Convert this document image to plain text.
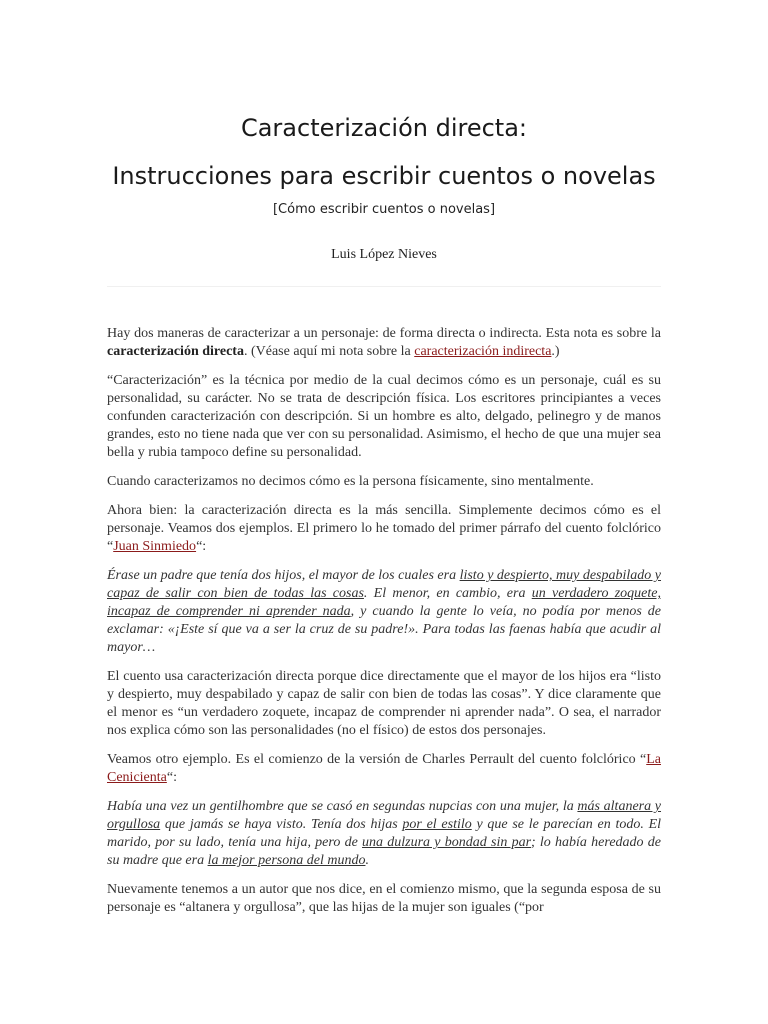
Caracterización directa:
Instrucciones para escribir cuentos o novelas
[Cómo escribir cuentos o novelas]
Luis López Nieves

Hay dos maneras de caracterizar a un personaje: de forma directa o indirecta. Esta nota es sobre la caracterización directa. (Véase aquí mi nota sobre la caracterización indirecta.)

“Caracterización” es la técnica por medio de la cual decimos cómo es un personaje, cuál es su personalidad, su carácter. No se trata de descripción física. Los escritores principiantes a veces confunden caracterización con descripción. Si un hombre es alto, delgado, pelinegro y de manos grandes, esto no tiene nada que ver con su personalidad. Asimismo, el hecho de que una mujer sea bella y rubia tampoco define su personalidad.

Cuando caracterizamos no decimos cómo es la persona físicamente, sino mentalmente.

Ahora bien: la caracterización directa es la más sencilla. Simplemente decimos cómo es el personaje. Veamos dos ejemplos. El primero lo he tomado del primer párrafo del cuento folclórico “Juan Sinmiedo“:

Érase un padre que tenía dos hijos, el mayor de los cuales era listo y despierto, muy despabilado y capaz de salir con bien de todas las cosas. El menor, en cambio, era un verdadero zoquete, incapaz de comprender ni aprender nada, y cuando la gente lo veía, no podía por menos de exclamar: «¡Este sí que va a ser la cruz de su padre!». Para todas las faenas había que acudir al mayor…

El cuento usa caracterización directa porque dice directamente que el mayor de los hijos era “listo y despierto, muy despabilado y capaz de salir con bien de todas las cosas”. Y dice claramente que el menor es “un verdadero zoquete, incapaz de comprender ni aprender nada”. O sea, el narrador nos explica cómo son las personalidades (no el físico) de estos dos personajes.

Veamos otro ejemplo. Es el comienzo de la versión de Charles Perrault del cuento folclórico “La Cenicienta“:

Había una vez un gentilhombre que se casó en segundas nupcias con una mujer, la más altanera y orgullosa que jamás se haya visto. Tenía dos hijas por el estilo y que se le parecían en todo. El marido, por su lado, tenía una hija, pero de una dulzura y bondad sin par; lo había heredado de su madre que era la mejor persona del mundo.

Nuevamente tenemos a un autor que nos dice, en el comienzo mismo, que la segunda esposa de su personaje es “altanera y orgullosa”, que las hijas de la mujer son iguales (“por
